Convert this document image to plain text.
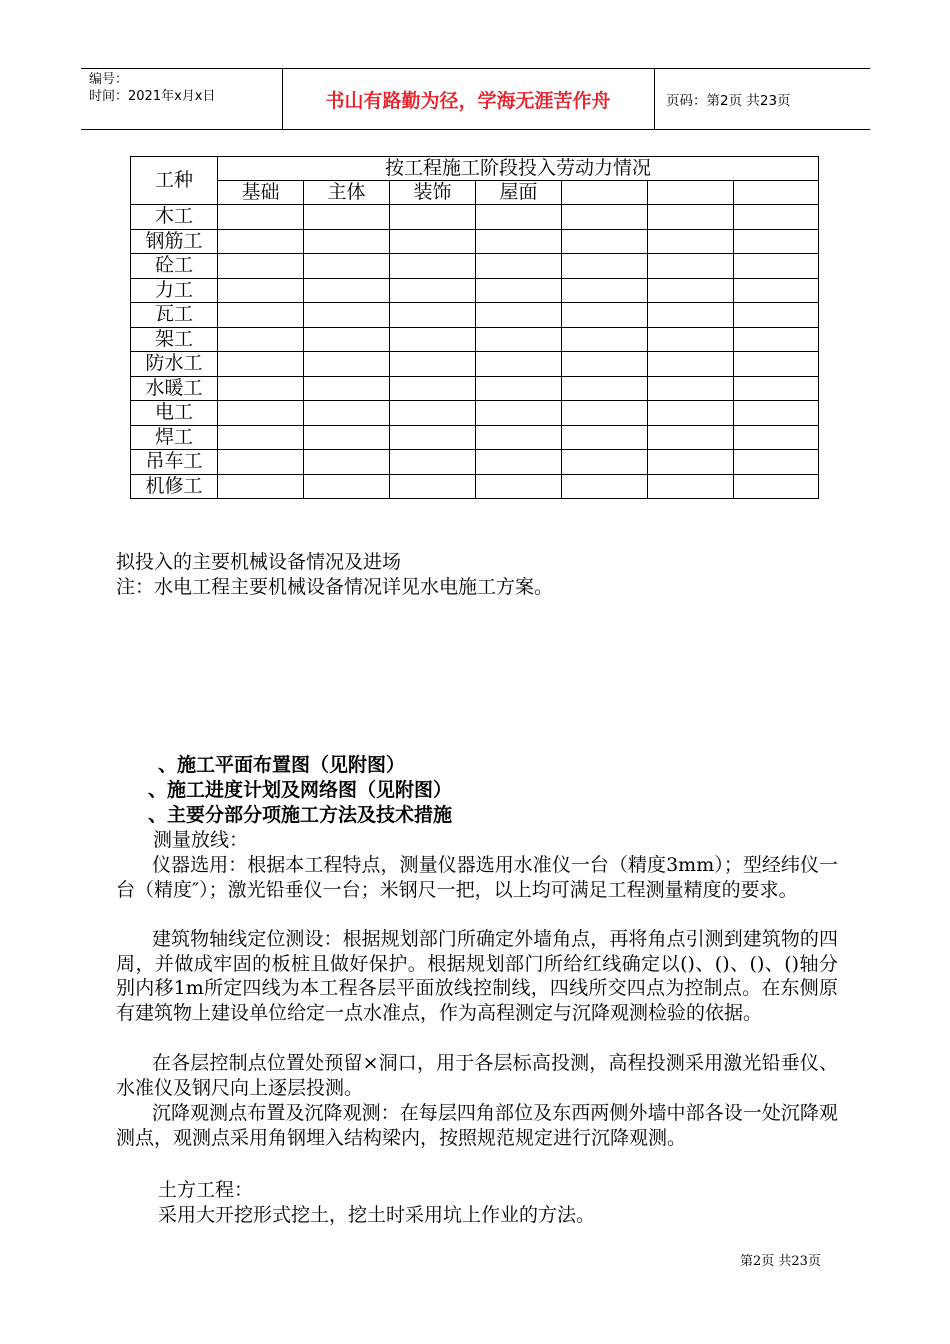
编号：
时间：2021年x月x日	书山有路勤为径，学海无涯苦作舟	页码：第2页 共23页
工种	按工程施工阶段投入劳动力情况						
	基础	主体	装饰	屋面			
木工							
钢筋工							
砼工							
力工							
瓦工							
架工							
防水工							
水暖工							
电工							
焊工							
吊车工							
机修工							

拟投入的主要机械设备情况及进场

注：水电工程主要机械设备情况详见水电施工方案。

、施工平面布置图（见附图）

、施工进度计划及网络图（见附图）

、主要分部分项施工方法及技术措施

测量放线：

仪器选用：根据本工程特点，测量仪器选用水准仪一台（精度3mm）；型经纬仪一台（精度″）；激光铅垂仪一台；米钢尺一把，以上均可满足工程测量精度的要求。

建筑物轴线定位测设：根据规划部门所确定外墙角点，再将角点引测到建筑物的四周，并做成牢固的板桩且做好保护。根据规划部门所给红线确定以()、()、()、()轴分别内移1m所定四线为本工程各层平面放线控制线，四线所交四点为控制点。在东侧原有建筑物上建设单位给定一点水准点，作为高程测定与沉降观测检验的依据。

在各层控制点位置处预留×洞口，用于各层标高投测，高程投测采用激光铅垂仪、水准仪及钢尺向上逐层投测。

沉降观测点布置及沉降观测：在每层四角部位及东西两侧外墙中部各设一处沉降观测点，观测点采用角钢埋入结构梁内，按照规范规定进行沉降观测。

土方工程：

采用大开挖形式挖土，挖土时采用坑上作业的方法。

第2页 共23页
